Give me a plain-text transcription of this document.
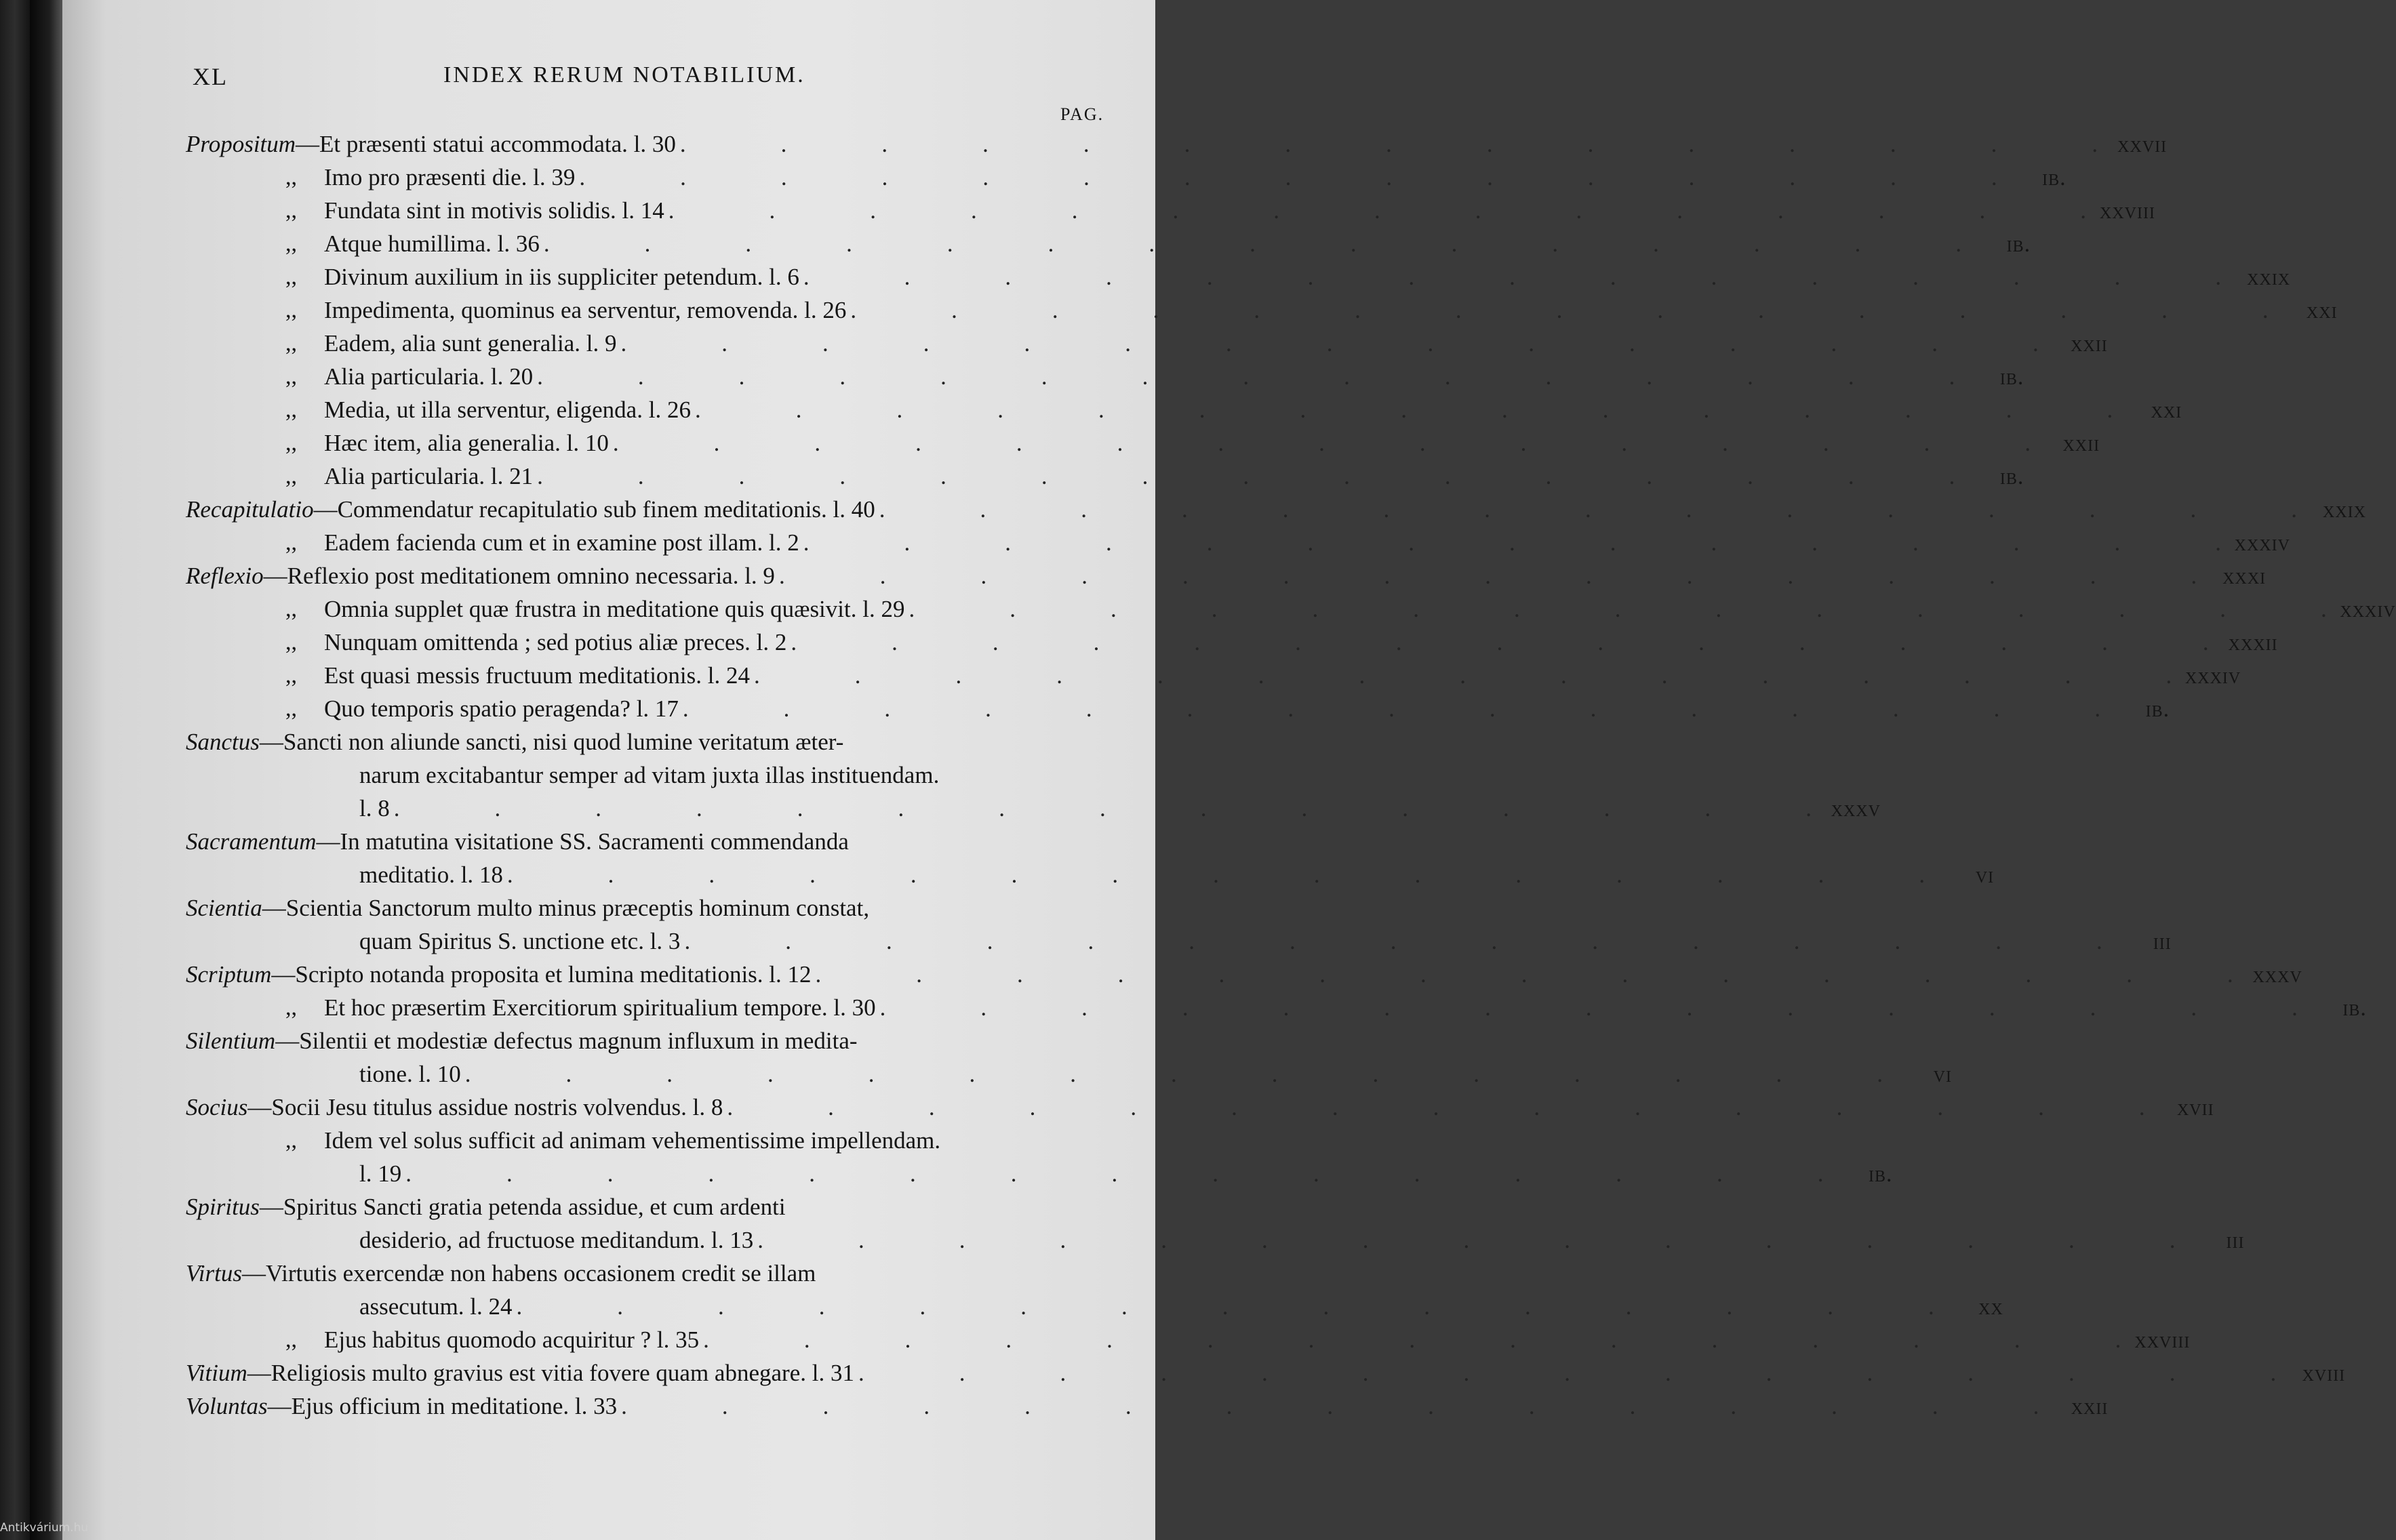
XL	INDEX RERUM NOTABILIUM.
PAG.
Propositum—Et præsenti statui accommodata. l. 30 .	xxvii
,,	Imo pro præsenti die. l. 39 .	ib.
,,	Fundata sint in motivis solidis. l. 14 .	xxviii
,,	Atque humillima. l. 36 .	ib.
,,	Divinum auxilium in iis suppliciter petendum. l. 6 .	xxix
,,	Impedimenta, quominus ea serventur, removenda. l. 26 .	xxi
,,	Eadem, alia sunt generalia. l. 9 .	xxii
,,	Alia particularia. l. 20 .	ib.
,,	Media, ut illa serventur, eligenda. l. 26 .	xxi
,,	Hæc item, alia generalia. l. 10 .	xxii
,,	Alia particularia. l. 21 .	ib.
Recapitulatio—Commendatur recapitulatio sub finem meditationis. l. 40 .	xxix
,,	Eadem facienda cum et in examine post illam. l. 2 .	xxxiv
Reflexio—Reflexio post meditationem omnino necessaria. l. 9 .	xxxi
,,	Omnia supplet quæ frustra in meditatione quis quæsivit. l. 29 .	xxxiv
,,	Nunquam omittenda ; sed potius aliæ preces. l. 2 .	xxxii
,,	Est quasi messis fructuum meditationis. l. 24 .	xxxiv
,,	Quo temporis spatio peragenda? l. 17 .	ib.
Sanctus—Sancti non aliunde sancti, nisi quod lumine veritatum æter-
narum excitabantur semper ad vitam juxta illas instituendam.
l. 8 .	xxxv
Sacramentum—In matutina visitatione SS. Sacramenti commendanda
meditatio. l. 18 .	vi
Scientia—Scientia Sanctorum multo minus præceptis hominum constat,
quam Spiritus S. unctione etc. l. 3 .	iii
Scriptum—Scripto notanda proposita et lumina meditationis. l. 12 .	xxxv
,,	Et hoc præsertim Exercitiorum spiritualium tempore. l. 30 .	ib.
Silentium—Silentii et modestiæ defectus magnum influxum in medita-
tione. l. 10 .	vi
Socius—Socii Jesu titulus assidue nostris volvendus. l. 8 .	xvii
,,	Idem vel solus sufficit ad animam vehementissime impellendam.
l. 19 .	ib.
Spiritus—Spiritus Sancti gratia petenda assidue, et cum ardenti
desiderio, ad fructuose meditandum. l. 13 .	iii
Virtus—Virtutis exercendæ non habens occasionem credit se illam
assecutum. l. 24 .	xx
,,	Ejus habitus quomodo acquiritur ? l. 35 .	xxviii
Vitium—Religiosis multo gravius est vitia fovere quam abnegare. l. 31 .	xviii
Voluntas—Ejus officium in meditatione. l. 33 .	xxii
Antikvárium.hu
